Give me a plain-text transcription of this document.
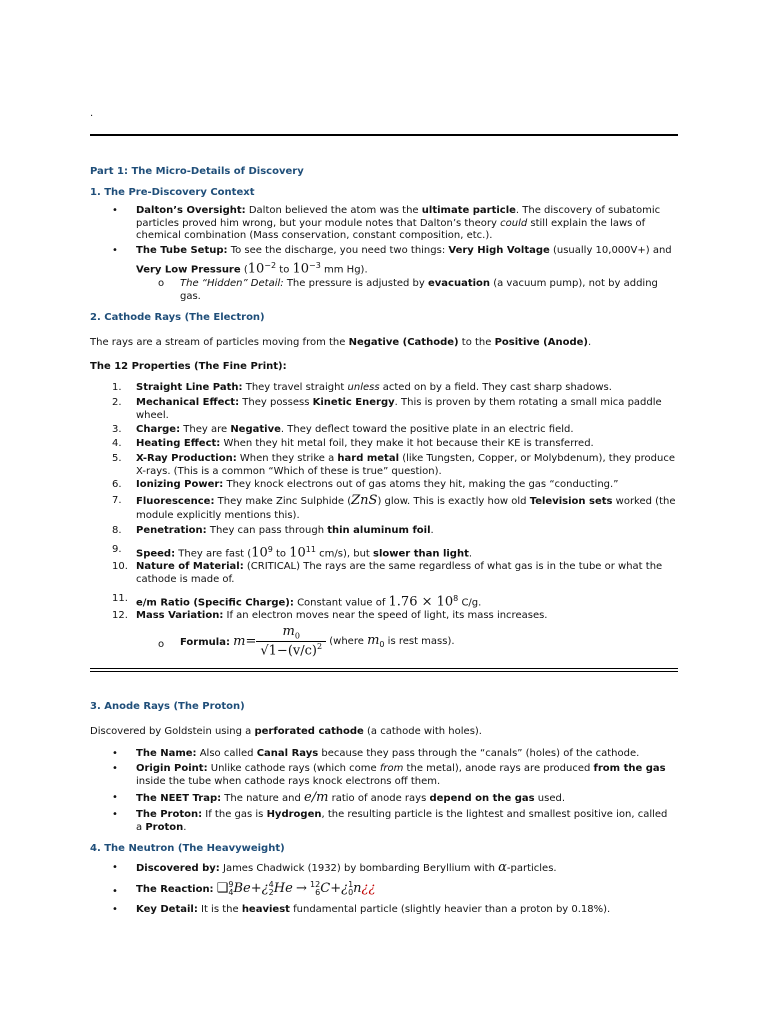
.
Part 1: The Micro-Details of Discovery
1. The Pre-Discovery Context
• Dalton’s Oversight: Dalton believed the atom was the ultimate particle. The discovery of subatomic particles proved him wrong, but your module notes that Dalton’s theory could still explain the laws of chemical combination (Mass conservation, constant composition, etc.).
• The Tube Setup: To see the discharge, you need two things: Very High Voltage (usually 10,000V+) and Very Low Pressure ($10^{-2}$ to $10^{-3}$ mm Hg).
o The “Hidden” Detail: The pressure is adjusted by evacuation (a vacuum pump), not by adding gas.
2. Cathode Rays (The Electron)
The rays are a stream of particles moving from the Negative (Cathode) to the Positive (Anode).
The 12 Properties (The Fine Print):
1. Straight Line Path: They travel straight unless acted on by a field. They cast sharp shadows.
2. Mechanical Effect: They possess Kinetic Energy. This is proven by them rotating a small mica paddle wheel.
3. Charge: They are Negative. They deflect toward the positive plate in an electric field.
4. Heating Effect: When they hit metal foil, they make it hot because their KE is transferred.
5. X-Ray Production: When they strike a hard metal (like Tungsten, Copper, or Molybdenum), they produce X-rays. (This is a common “Which of these is true” question).
6. Ionizing Power: They knock electrons out of gas atoms they hit, making the gas “conducting.”
7. Fluorescence: They make Zinc Sulphide (ZnS) glow. This is exactly how old Television sets worked (the module explicitly mentions this).
8. Penetration: They can pass through thin aluminum foil.
9. Speed: They are fast ($10^9$ to $10^{11}$ cm/s), but slower than light.
10. Nature of Material: (CRITICAL) The rays are the same regardless of what gas is in the tube or what the cathode is made of.
11. e/m Ratio (Specific Charge): Constant value of $1.76 \times 10^8$ C/g.
12. Mass Variation: If an electron moves near the speed of light, its mass increases.
o Formula: $m= \frac{m_0}{√1-(v/c)^2}$ (where $m_0$ is rest mass).
3. Anode Rays (The Proton)
Discovered by Goldstein using a perforated cathode (a cathode with holes).
• The Name: Also called Canal Rays because they pass through the “canals” (holes) of the cathode.
• Origin Point: Unlike cathode rays (which come from the metal), anode rays are produced from the gas inside the tube when cathode rays knock electrons off them.
• The NEET Trap: The nature and e/m ratio of anode rays depend on the gas used.
• The Proton: If the gas is Hydrogen, the resulting particle is the lightest and smallest positive ion, called a Proton.
4. The Neutron (The Heavyweight)
• Discovered by: James Chadwick (1932) by bombarding Beryllium with α-particles.
• The Reaction: ❑ 9
4 Be+¿ 4
2 He → 12
6 C+¿ 1
0 n¿¿
• Key Detail: It is the heaviest fundamental particle (slightly heavier than a proton by 0.18%).
